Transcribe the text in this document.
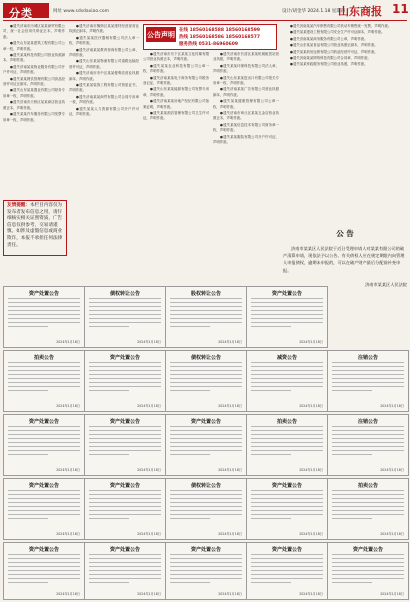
分类	网址 www.sdsdaxiao.com	设计/胡金华 2024.1.18 星期四
山东商报 11

●遗失济南市历城区某某商贸有限公司，统一社会信用代码证正本，声明作废。

●遗失山东某某建筑工程有限公司公章一枚，声明作废。

●遗失某某科技有限公司营业执照副本，声明作废。

●遗失济南某某物业服务有限公司开户许可证，声明作废。

●遗失某某餐饮管理有限公司食品经营许可证正副本，声明作废。

●遗失山东某某置业有限公司财务专用章一枚，声明作废。

●遗失济南市天桥区某某商店营业执照正本，声明作废。

●遗失某某汽车服务有限公司发票专用章一枚，声明作废。

友情提醒：本栏目内容仅为发布者发布信息之用，请仔细核实相关证照资质，广告信息仅供参考，交易请谨慎。如涉及虚假信息或商业欺诈，本报不承担任何法律责任。

●遗失济南市槐荫区某某建材经营部营业执照正副本，声明作废。

●遗失某某医疗器械有限公司法人章一枚，声明作废。

●遗失济南某某教育咨询有限公司公章，声明作废。

●遗失山东某某物流有限公司道路运输经营许可证，声明作废。

●遗失济南市市中区某某便利店营业执照副本，声明作废。

●遗失某某装饰工程有限公司资质证书，声明作废。

●遗失济南某某商贸有限公司合同专用章一枚，声明作废。

●遗失某某人力资源有限公司开户许可证，声明作废。

公告声明 在线 18560168588 18560168599
热线 18560168586 18560168577
服务热线 0531-86960609

●遗失济南市历下区某某文化传媒有限公司营业执照正本，声明作废。

●遗失某某农业科技有限公司公章一枚，声明作废。

●遗失济南某某电子商务有限公司税务登记证，声明作废。

●遗失山东某某能源有限公司发票专用章，声明作废。

●遗失济南某某房地产经纪有限公司备案证明，声明作废。

●遗失某某酒店管理有限公司卫生许可证，声明作废。

●遗失济南市长清区某某机械租赁站营业执照，声明作废。

●遗失某某环保科技有限公司法人章，声明作废。

●遗失山东某某进出口有限公司报关专用章一枚，声明作废。

●遗失济南某某广告有限公司营业执照副本，声明作废。

●遗失某某健康管理有限公司公章一枚，声明作废。

●遗失济南市章丘区某某五金店营业执照正本，声明作废。

●遗失某某信息技术有限公司财务章一枚，声明作废。

●遗失某某服装有限公司开户许可证，声明作废。

●遗失济南某某汽车销售有限公司机动车销售统一发票，声明作废。

●遗失某某建设工程有限公司安全生产许可证副本，声明作废。

●遗失济南某某商务服务有限公司公章，声明作废。

●遗失山东某某食品有限公司营业执照正副本，声明作废。

●遗失某某药房连锁有限公司药品经营许可证，声明作废。

●遗失济南某某网络科技有限公司合同章，声明作废。

●遗失某某家政服务有限公司营业执照，声明作废。

公 告
济南市某某区人民法院于近日受理申请人对某某有限公司的破产清算申请，现依法予以公告。有关债权人应在规定期限内向管理人申报债权，逾期未申报的，可以在破产财产最后分配前补充申报。
济南市某某区人民法院
资产处置公告
2024年1月18日
债权转让公告
2024年1月18日
股权转让公告
2024年1月18日
资产处置公告
2024年1月18日
拍卖公告
2024年1月18日
资产处置公告
2024年1月18日
债权转让公告
2024年1月18日
减资公告
2024年1月18日
注销公告
2024年1月18日
资产处置公告
2024年1月18日
资产处置公告
2024年1月18日
资产处置公告
2024年1月18日
拍卖公告
2024年1月18日
注销公告
2024年1月18日
资产处置公告
2024年1月18日
资产处置公告
2024年1月18日
债权转让公告
2024年1月18日
资产处置公告
2024年1月18日
拍卖公告
2024年1月18日
资产处置公告
2024年1月18日
资产处置公告
2024年1月18日
资产处置公告
2024年1月18日
资产处置公告
2024年1月18日
资产处置公告
2024年1月18日
